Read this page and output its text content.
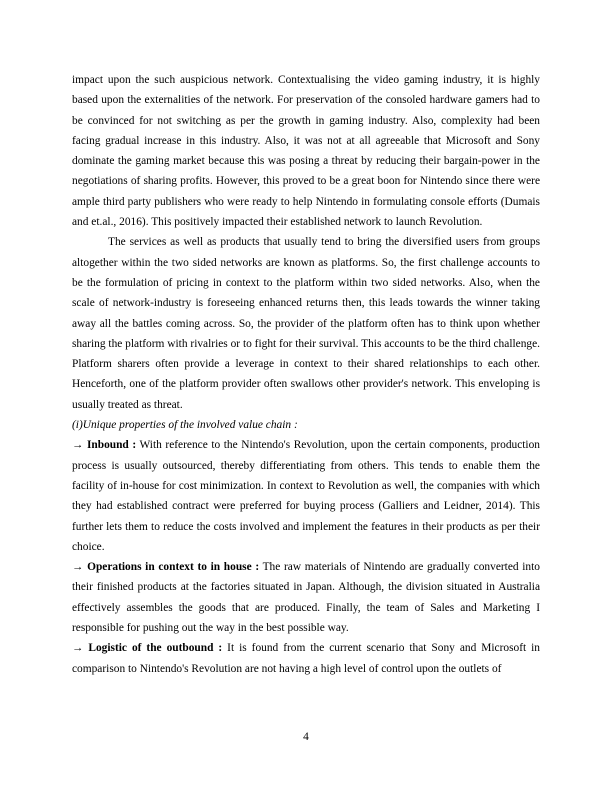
impact upon the such auspicious network. Contextualising the video gaming industry, it is highly based upon the externalities of the network. For preservation of the consoled hardware gamers had to be convinced for not switching as per the growth in gaming industry. Also, complexity had been facing gradual increase in this industry. Also, it was not at all agreeable that Microsoft and Sony dominate the gaming market because this was posing a threat by reducing their bargain-power in the negotiations of sharing profits. However, this proved to be a great boon for Nintendo since there were ample third party publishers who were ready to help Nintendo in formulating console efforts (Dumais and et.al., 2016). This positively impacted their established network to launch Revolution.

The services as well as products that usually tend to bring the diversified users from groups altogether within the two sided networks are known as platforms. So, the first challenge accounts to be the formulation of pricing in context to the platform within two sided networks. Also, when the scale of network-industry is foreseeing enhanced returns then, this leads towards the winner taking away all the battles coming across. So, the provider of the platform often has to think upon whether sharing the platform with rivalries or to fight for their survival. This accounts to be the third challenge. Platform sharers often provide a leverage in context to their shared relationships to each other. Henceforth, one of the platform provider often swallows other provider's network. This enveloping is usually treated as threat.

(i)Unique properties of the involved value chain :

→ Inbound : With reference to the Nintendo's Revolution, upon the certain components, production process is usually outsourced, thereby differentiating from others. This tends to enable them the facility of in-house for cost minimization. In context to Revolution as well, the companies with which they had established contract were preferred for buying process (Galliers and Leidner, 2014). This further lets them to reduce the costs involved and implement the features in their products as per their choice.

→ Operations in context to in house : The raw materials of Nintendo are gradually converted into their finished products at the factories situated in Japan. Although, the division situated in Australia effectively assembles the goods that are produced. Finally, the team of Sales and Marketing I responsible for pushing out the way in the best possible way.

→ Logistic of the outbound : It is found from the current scenario that Sony and Microsoft in comparison to Nintendo's Revolution are not having a high level of control upon the outlets of

4
